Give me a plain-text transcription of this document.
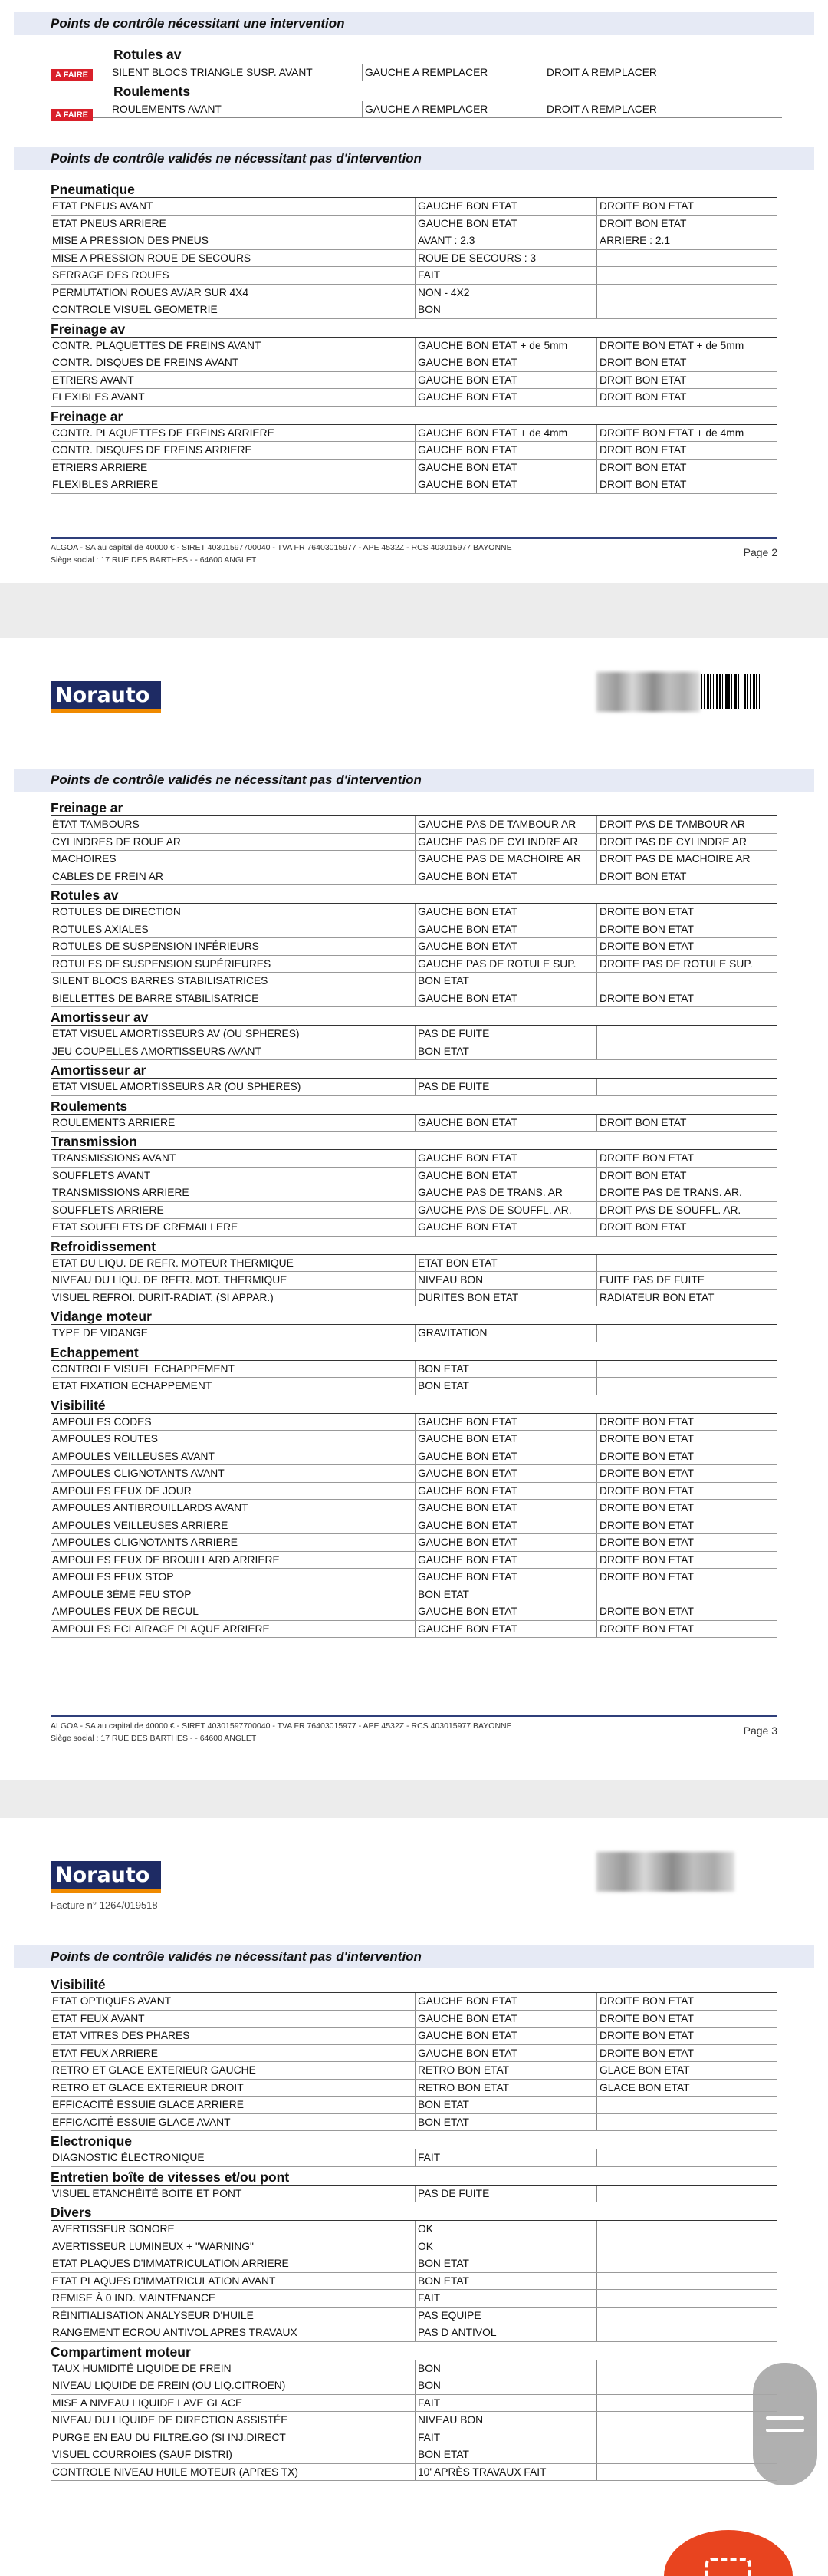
Points de contrôle nécessitant une intervention
Rotules av
A FAIRE	SILENT BLOCS TRIANGLE SUSP. AVANT	GAUCHE A REMPLACER	DROIT A REMPLACER
Roulements
A FAIRE	ROULEMENTS AVANT	GAUCHE A REMPLACER	DROIT A REMPLACER
Points de contrôle validés ne nécessitant pas d'intervention
Pneumatique
ETAT PNEUS AVANT	GAUCHE BON ETAT	DROITE BON ETAT
ETAT PNEUS ARRIERE	GAUCHE BON ETAT	DROIT BON ETAT
MISE A PRESSION DES PNEUS	AVANT : 2.3	ARRIERE : 2.1
MISE A PRESSION ROUE DE SECOURS	ROUE DE SECOURS : 3
SERRAGE DES ROUES	FAIT
PERMUTATION ROUES AV/AR SUR 4X4	NON - 4X2
CONTROLE VISUEL GEOMETRIE	BON
Freinage av
CONTR. PLAQUETTES DE FREINS AVANT	GAUCHE BON ETAT + de 5mm	DROITE BON ETAT + de 5mm
CONTR. DISQUES DE FREINS AVANT	GAUCHE BON ETAT	DROIT BON ETAT
ETRIERS AVANT	GAUCHE BON ETAT	DROIT BON ETAT
FLEXIBLES AVANT	GAUCHE BON ETAT	DROIT BON ETAT
Freinage ar
CONTR. PLAQUETTES DE FREINS ARRIERE	GAUCHE BON ETAT + de 4mm	DROITE BON ETAT + de 4mm
CONTR. DISQUES DE FREINS ARRIERE	GAUCHE BON ETAT	DROIT BON ETAT
ETRIERS ARRIERE	GAUCHE BON ETAT	DROIT BON ETAT
FLEXIBLES ARRIERE	GAUCHE BON ETAT	DROIT BON ETAT
ALGOA - SA au capital de 40000 € - SIRET 40301597700040 - TVA FR 76403015977 - APE 4532Z - RCS 403015977 BAYONNE
Siège social : 17 RUE DES BARTHES - - 64600 ANGLET
Page 2
Norauto
Points de contrôle validés ne nécessitant pas d'intervention
Freinage ar
ÉTAT TAMBOURS	GAUCHE PAS DE TAMBOUR AR	DROIT PAS DE TAMBOUR AR
CYLINDRES DE ROUE AR	GAUCHE PAS DE CYLINDRE AR	DROIT PAS DE CYLINDRE AR
MACHOIRES	GAUCHE PAS DE MACHOIRE AR	DROIT PAS DE MACHOIRE AR
CABLES DE FREIN AR	GAUCHE BON ETAT	DROIT BON ETAT
Rotules av
ROTULES DE DIRECTION	GAUCHE BON ETAT	DROITE BON ETAT
ROTULES AXIALES	GAUCHE BON ETAT	DROITE BON ETAT
ROTULES DE SUSPENSION INFÉRIEURS	GAUCHE BON ETAT	DROITE BON ETAT
ROTULES DE SUSPENSION SUPÉRIEURES	GAUCHE PAS DE ROTULE SUP.	DROITE PAS DE ROTULE SUP.
SILENT BLOCS BARRES STABILISATRICES	BON ETAT
BIELLETTES DE BARRE STABILISATRICE	GAUCHE BON ETAT	DROITE BON ETAT
Amortisseur av
ETAT VISUEL AMORTISSEURS AV (OU SPHERES)	PAS DE FUITE
JEU COUPELLES AMORTISSEURS AVANT	BON ETAT
Amortisseur ar
ETAT VISUEL AMORTISSEURS AR (OU SPHERES)	PAS DE FUITE
Roulements
ROULEMENTS ARRIERE	GAUCHE BON ETAT	DROIT BON ETAT
Transmission
TRANSMISSIONS AVANT	GAUCHE BON ETAT	DROITE BON ETAT
SOUFFLETS AVANT	GAUCHE BON ETAT	DROIT BON ETAT
TRANSMISSIONS ARRIERE	GAUCHE PAS DE TRANS. AR	DROITE PAS DE TRANS. AR.
SOUFFLETS ARRIERE	GAUCHE PAS DE SOUFFL. AR.	DROIT PAS DE SOUFFL. AR.
ETAT SOUFFLETS DE CREMAILLERE	GAUCHE BON ETAT	DROIT BON ETAT
Refroidissement
ETAT DU LIQU. DE REFR. MOTEUR THERMIQUE	ETAT BON ETAT
NIVEAU DU LIQU. DE REFR. MOT. THERMIQUE	NIVEAU BON	FUITE PAS DE FUITE
VISUEL REFROI. DURIT-RADIAT. (SI APPAR.)	DURITES BON ETAT	RADIATEUR BON ETAT
Vidange moteur
TYPE DE VIDANGE	GRAVITATION
Echappement
CONTROLE VISUEL ECHAPPEMENT	BON ETAT
ETAT FIXATION ECHAPPEMENT	BON ETAT
Visibilité
AMPOULES CODES	GAUCHE BON ETAT	DROITE BON ETAT
AMPOULES ROUTES	GAUCHE BON ETAT	DROITE BON ETAT
AMPOULES VEILLEUSES AVANT	GAUCHE BON ETAT	DROITE BON ETAT
AMPOULES CLIGNOTANTS AVANT	GAUCHE BON ETAT	DROITE BON ETAT
AMPOULES FEUX DE JOUR	GAUCHE BON ETAT	DROITE BON ETAT
AMPOULES ANTIBROUILLARDS AVANT	GAUCHE BON ETAT	DROITE BON ETAT
AMPOULES VEILLEUSES ARRIERE	GAUCHE BON ETAT	DROITE BON ETAT
AMPOULES CLIGNOTANTS ARRIERE	GAUCHE BON ETAT	DROITE BON ETAT
AMPOULES FEUX DE BROUILLARD ARRIERE	GAUCHE BON ETAT	DROITE BON ETAT
AMPOULES FEUX STOP	GAUCHE BON ETAT	DROITE BON ETAT
AMPOULE 3ÈME FEU STOP	BON ETAT
AMPOULES FEUX DE RECUL	GAUCHE BON ETAT	DROITE BON ETAT
AMPOULES ECLAIRAGE PLAQUE ARRIERE	GAUCHE BON ETAT	DROITE BON ETAT
ALGOA - SA au capital de 40000 € - SIRET 40301597700040 - TVA FR 76403015977 - APE 4532Z - RCS 403015977 BAYONNE
Siège social : 17 RUE DES BARTHES - - 64600 ANGLET
Page 3
Norauto
Facture n° 1264/019518
Points de contrôle validés ne nécessitant pas d'intervention
Visibilité
ETAT OPTIQUES AVANT	GAUCHE BON ETAT	DROITE BON ETAT
ETAT FEUX AVANT	GAUCHE BON ETAT	DROITE BON ETAT
ETAT VITRES DES PHARES	GAUCHE BON ETAT	DROITE BON ETAT
ETAT FEUX ARRIERE	GAUCHE BON ETAT	DROITE BON ETAT
RETRO ET GLACE EXTERIEUR GAUCHE	RETRO BON ETAT	GLACE BON ETAT
RETRO ET GLACE EXTERIEUR DROIT	RETRO BON ETAT	GLACE BON ETAT
EFFICACITÉ ESSUIE GLACE ARRIERE	BON ETAT
EFFICACITÉ ESSUIE GLACE AVANT	BON ETAT
Electronique
DIAGNOSTIC ÉLECTRONIQUE	FAIT
Entretien boîte de vitesses et/ou pont
VISUEL ETANCHÉITÉ BOITE ET PONT	PAS DE FUITE
Divers
AVERTISSEUR SONORE	OK
AVERTISSEUR LUMINEUX + "WARNING"	OK
ETAT PLAQUES D'IMMATRICULATION ARRIERE	BON ETAT
ETAT PLAQUES D'IMMATRICULATION AVANT	BON ETAT
REMISE À 0 IND. MAINTENANCE	FAIT
RÉINITIALISATION ANALYSEUR D'HUILE	PAS EQUIPE
RANGEMENT ECROU ANTIVOL APRES TRAVAUX	PAS D ANTIVOL
Compartiment moteur
TAUX HUMIDITÉ LIQUIDE DE FREIN	BON
NIVEAU LIQUIDE DE FREIN (OU LIQ.CITROEN)	BON
MISE A NIVEAU LIQUIDE LAVE GLACE	FAIT
NIVEAU DU LIQUIDE DE DIRECTION ASSISTÉE	NIVEAU BON
PURGE EN EAU DU FILTRE.GO (SI INJ.DIRECT	FAIT
VISUEL COURROIES (SAUF DISTRI)	BON ETAT
CONTROLE NIVEAU HUILE MOTEUR (APRES TX)	10' APRÈS TRAVAUX FAIT
